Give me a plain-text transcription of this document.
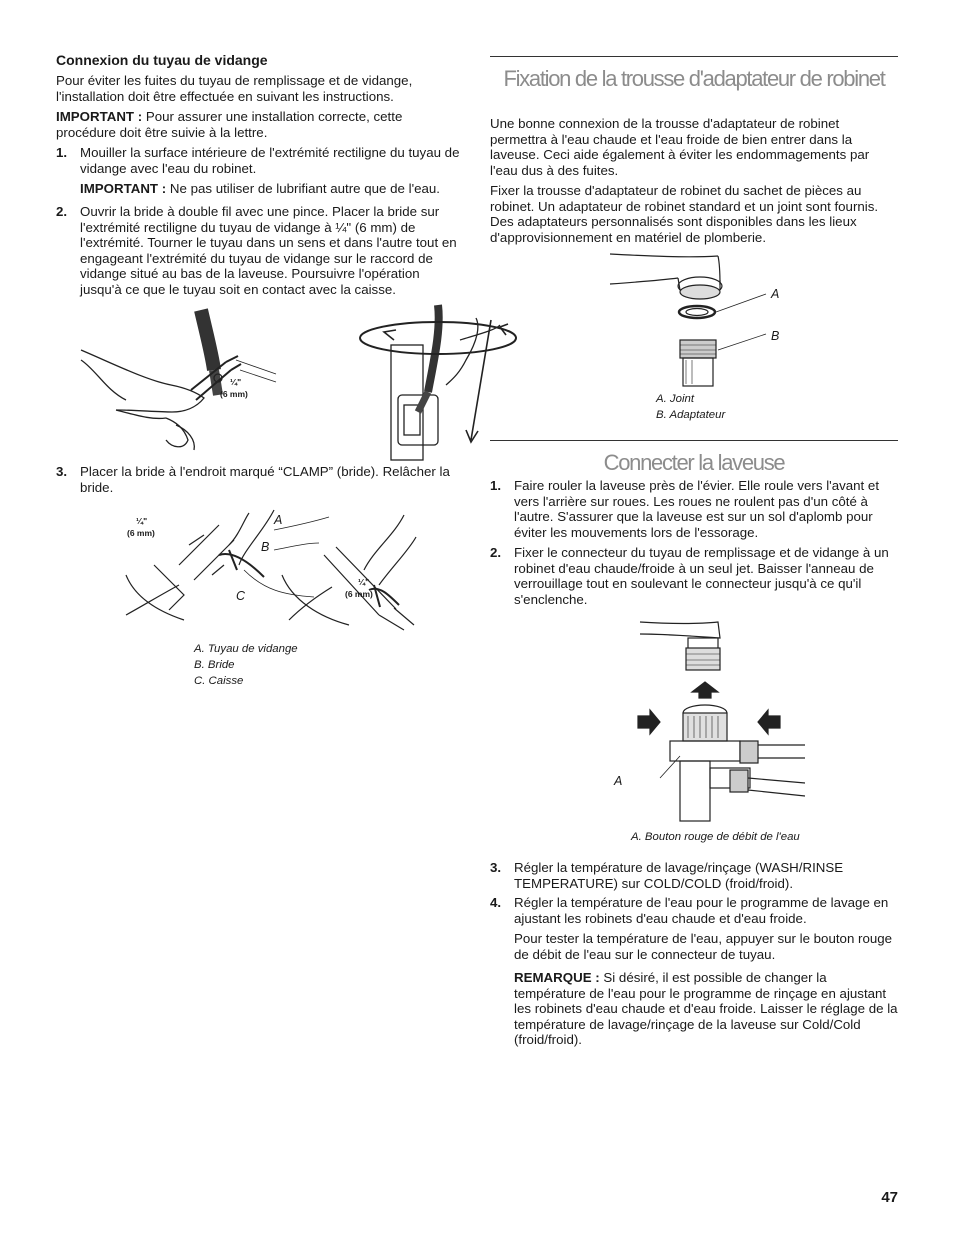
Connexion du tuyau de vidange

Pour éviter les fuites du tuyau de remplissage et de vidange, l'installation doit être effectuée en suivant les instructions.

IMPORTANT : Pour assurer une installation correcte, cette procédure doit être suivie à la lettre.

1. Mouiller la surface intérieure de l'extrémité rectiligne du tuyau de vidange avec l'eau du robinet.

IMPORTANT : Ne pas utiliser de lubrifiant autre que de l'eau.

2. Ouvrir la bride à double fil avec une pince. Placer la bride sur l'extrémité rectiligne du tuyau de vidange à ¼" (6 mm) de l'extrémité. Tourner le tuyau dans un sens et dans l'autre tout en engageant l'extrémité du tuyau de vidange sur le raccord de vidange situé au bas de la laveuse. Poursuivre l'opération jusqu'à ce que le tuyau soit en contact avec la caisse.

¼"
(6 mm)
3. Placer la bride à l'endroit marqué “CLAMP” (bride). Relâcher la bride.

¼"
(6 mm)
¼"
(6 mm)
A
B
C
A. Tuyau de vidange
B. Bride
C. Caisse
Fixation de la trousse d'adaptateur de robinet

Une bonne connexion de la trousse d'adaptateur de robinet permettra à l'eau chaude et l'eau froide de bien entrer dans la laveuse. Ceci aide également à éviter les endommagements par l'eau dus à des fuites.

Fixer la trousse d'adaptateur de robinet du sachet de pièces au robinet. Un adaptateur de robinet standard et un joint sont fournis. Des adaptateurs personnalisés sont disponibles dans les lieux d'approvisionnement en matériel de plomberie.

A
B
A. Joint
B. Adaptateur
Connecter la laveuse
1. Faire rouler la laveuse près de l'évier. Elle roule vers l'avant et vers l'arrière sur roues. Les roues ne roulent pas d'un côté à l'autre. S'assurer que la laveuse est sur un sol d'aplomb pour éviter les mouvements lors de l'essorage.

2. Fixer le connecteur du tuyau de remplissage et de vidange à un robinet d'eau chaude/froide à un seul jet. Baisser l'anneau de verrouillage tout en soulevant le connecteur jusqu'à ce qu'il s'enclenche.

A
A. Bouton rouge de débit de l'eau
3. Régler la température de lavage/rinçage (WASH/RINSE TEMPERATURE) sur COLD/COLD (froid/froid).

4. Régler la température de l'eau pour le programme de lavage en ajustant les robinets d'eau chaude et d'eau froide.

Pour tester la température de l'eau, appuyer sur le bouton rouge de débit de l'eau sur le connecteur de tuyau.

REMARQUE : Si désiré, il est possible de changer la température de l'eau pour le programme de rinçage en ajustant les robinets d'eau chaude et d'eau froide. Laisser le réglage de la température de lavage/rinçage de la laveuse sur Cold/Cold (froid/froid).

47
